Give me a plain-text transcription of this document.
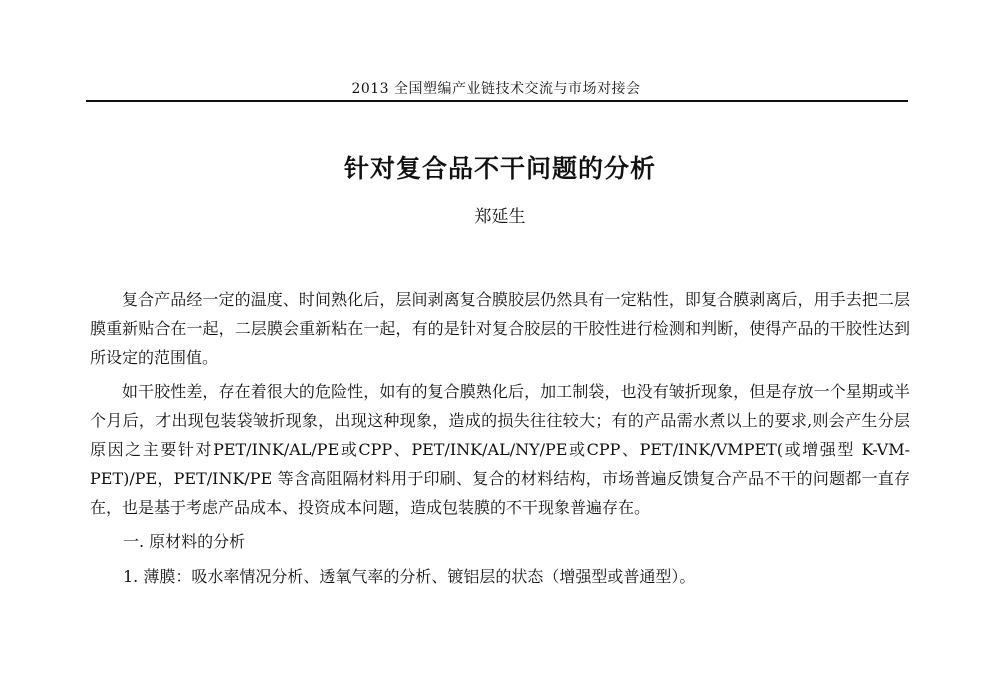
2013 全国塑编产业链技术交流与市场对接会
针对复合品不干问题的分析
郑延生

复合产品经一定的温度、时间熟化后，层间剥离复合膜胶层仍然具有一定粘性，即复合膜剥离后，用手去把二层膜重新贴合在一起，二层膜会重新粘在一起，有的是针对复合胶层的干胶性进行检测和判断，使得产品的干胶性达到所设定的范围值。

如干胶性差，存在着很大的危险性，如有的复合膜熟化后，加工制袋，也没有皱折现象，但是存放一个星期或半个月后，才出现包装袋皱折现象，出现这种现象，造成的损失往往较大；有的产品需水煮以上的要求,则会产生分层原因之主要针对PET/INK/AL/PE或CPP、PET/INK/AL/NY/PE或CPP、PET/INK/VMPET(或增强型 K-VM-PET)/PE，PET/INK/PE 等含高阻隔材料用于印刷、复合的材料结构，市场普遍反馈复合产品不干的问题都一直存在，也是基于考虑产品成本、投资成本问题，造成包装膜的不干现象普遍存在。

一. 原材料的分析
1. 薄膜：吸水率情况分析、透氧气率的分析、镀铝层的状态（增强型或普通型）。
